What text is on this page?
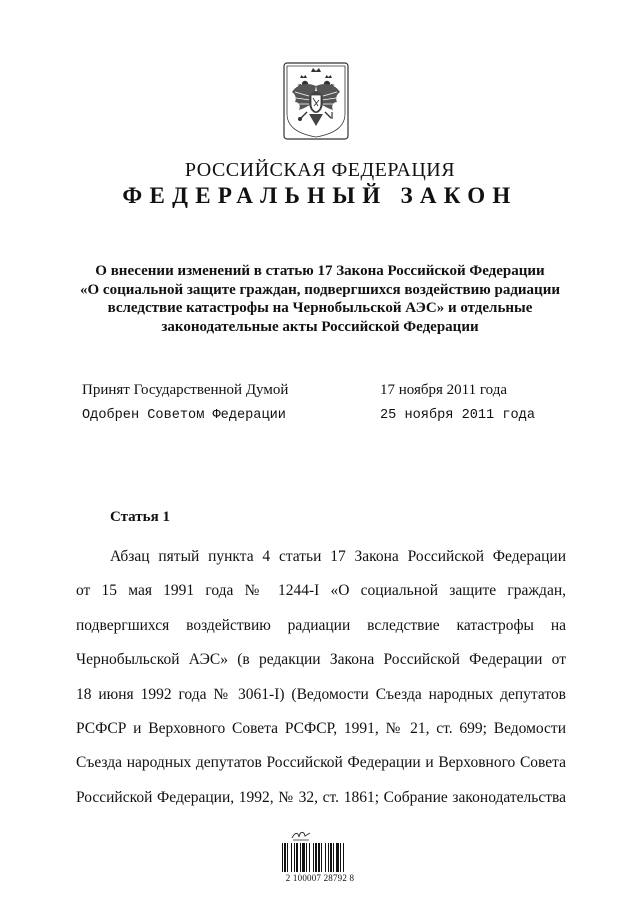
РОССИЙСКАЯ ФЕДЕРАЦИЯ
ФЕДЕРАЛЬНЫЙ ЗАКОН
О внесении изменений в статью 17 Закона Российской Федерации
«О социальной защите граждан, подвергшихся воздействию радиации
вследствие катастрофы на Чернобыльской АЭС» и отдельные
законодательные акты Российской Федерации
Принят Государственной Думой	17 ноября 2011 года
Одобрен Советом Федерации	25 ноября 2011 года
Статья 1
Абзац пятый пункта 4 статьи 17 Закона Российской Федерации
от 15 мая 1991 года № 1244-I «О социальной защите граждан,
подвергшихся воздействию радиации вследствие катастрофы на
Чернобыльской АЭС» (в редакции Закона Российской Федерации от
18 июня 1992 года № 3061-I) (Ведомости Съезда народных депутатов
РСФСР и Верховного Совета РСФСР, 1991, № 21, ст. 699; Ведомости
Съезда народных депутатов Российской Федерации и Верховного Совета
Российской Федерации, 1992, № 32, ст. 1861; Собрание законодательства
2 100007 28792 8
